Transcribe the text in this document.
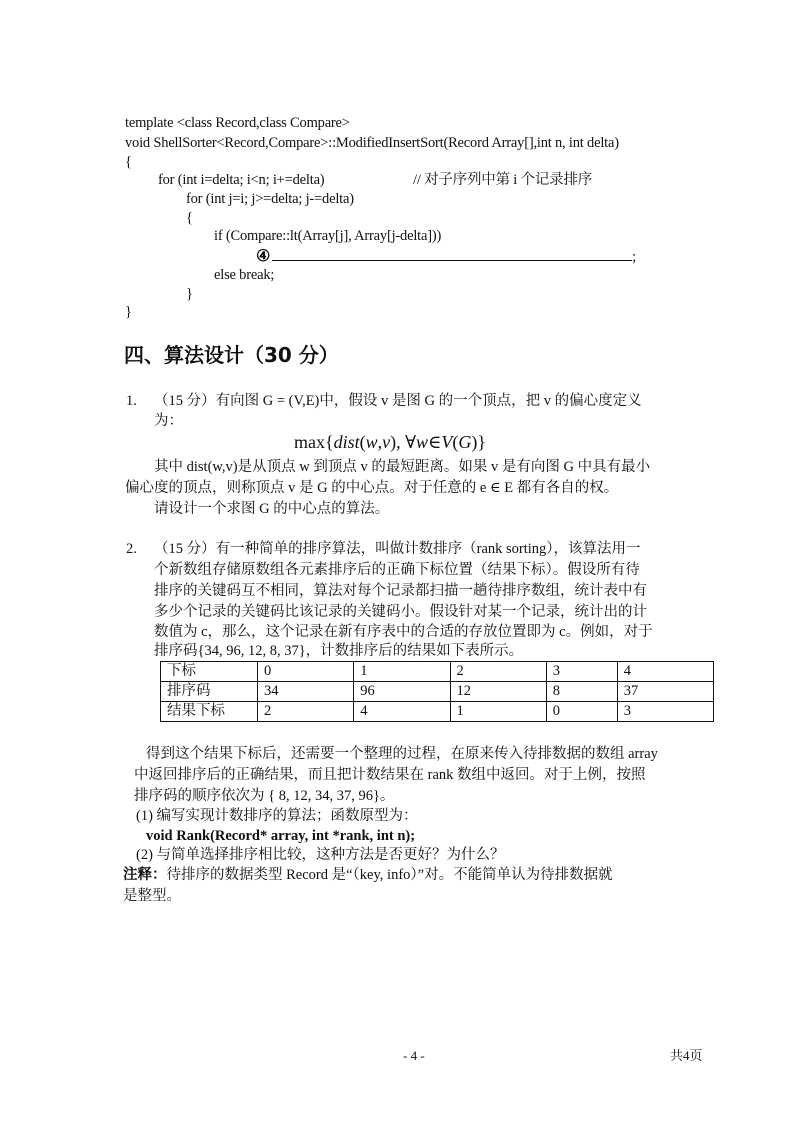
template <class Record,class Compare>
void ShellSorter<Record,Compare>::ModifiedInsertSort(Record Array[],int n, int delta)
{
for (int i=delta; i<n; i+=delta)	// 对子序列中第 i 个记录排序
for (int j=i; j>=delta; j-=delta)
{
if (Compare::lt(Array[j], Array[j-delta]))
④	;
else break;
}
}
四、算法设计（30 分）
1. （15 分）有向图 G = (V,E)中，假设 v 是图 G 的一个顶点，把 v 的偏心度定义
为：
max{dist(w,v), ∀w∈V(G)}
其中 dist(w,v)是从顶点 w 到顶点 v 的最短距离。如果 v 是有向图 G 中具有最小
偏心度的顶点，则称顶点 v 是 G 的中心点。对于任意的 e ∈ E 都有各自的权。
请设计一个求图 G 的中心点的算法。
2. （15 分）有一种简单的排序算法，叫做计数排序（rank sorting），该算法用一
个新数组存储原数组各元素排序后的正确下标位置（结果下标）。假设所有待
排序的关键码互不相同，算法对每个记录都扫描一趟待排序数组，统计表中有
多少个记录的关键码比该记录的关键码小。假设针对某一个记录，统计出的计
数值为 c，那么，这个记录在新有序表中的合适的存放位置即为 c。例如，对于
排序码{34, 96, 12, 8, 37}，计数排序后的结果如下表所示。
下标	0	1	2	3	4
排序码	34	96	12	8	37
结果下标	2	4	1	0	3
得到这个结果下标后，还需要一个整理的过程，在原来传入待排数据的数组 array
中返回排序后的正确结果，而且把计数结果在 rank 数组中返回。对于上例，按照
排序码的顺序依次为 { 8, 12, 34, 37, 96}。
(1) 编写实现计数排序的算法；函数原型为：
void Rank(Record* array, int *rank, int n);
(2) 与简单选择排序相比较，这种方法是否更好？为什么？
注释：待排序的数据类型 Record 是“（key, info）”对。不能简单认为待排数据就
是整型。
- 4 -	共4页
